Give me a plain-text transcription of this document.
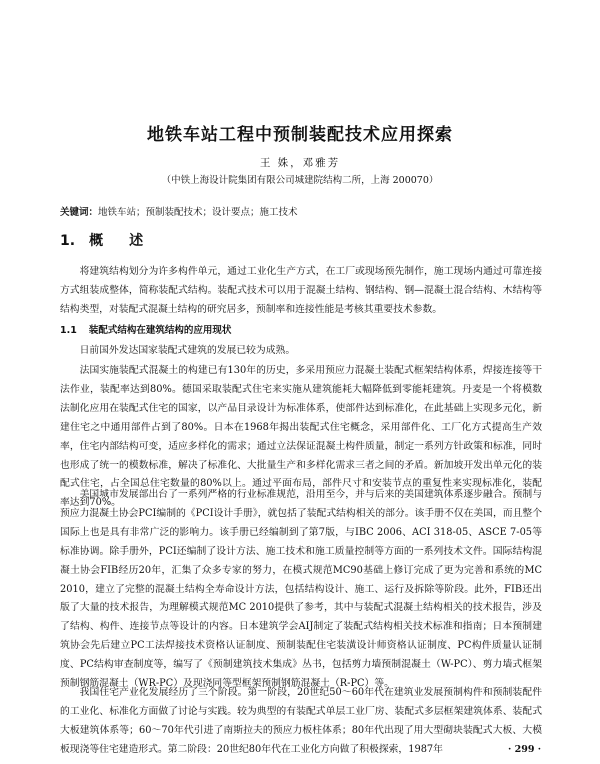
地铁车站工程中预制装配技术应用探索
王 姝，邓雅芳
（中铁上海设计院集团有限公司城建院结构二所，上海 200070）
关键词：地铁车站；预制装配技术；设计要点；施工技术
1. 概 述
将建筑结构划分为许多构件单元，通过工业化生产方式，在工厂或现场预先制作，施工现场内通过可靠连接方式组装成整体，简称装配式结构。装配式技术可以用于混凝土结构、钢结构、钢—混凝土混合结构、木结构等结构类型，对装配式混凝土结构的研究居多，预制率和连接性能是考核其重要技术参数。
1.1 装配式结构在建筑结构的应用现状
日前国外发达国家装配式建筑的发展已较为成熟。
法国实施装配式混凝土的构建已有130年的历史，多采用预应力混凝土装配式框架结构体系，焊接连接等干法作业，装配率达到80%。德国采取装配式住宅来实施从建筑能耗大幅降低到零能耗建筑。丹麦是一个将模数法制化应用在装配式住宅的国家，以产品目录设计为标准体系，使部件达到标准化，在此基础上实现多元化，新建住宅之中通用部件占到了80%。日本在1968年揭出装配式住宅概念，采用部件化、工厂化方式提高生产效率，住宅内部结构可变，适应多样化的需求；通过立法保证混凝土构件质量，制定一系列方针政策和标准，同时也形成了统一的模数标准，解决了标准化、大批量生产和多样化需求三者之间的矛盾。新加坡开发出单元化的装配式住宅，占全国总住宅数量的80%以上。通过平面布局，部件尺寸和安装节点的重复性来实现标准化，装配率达到70%。
美国城市发展部出台了一系列严格的行业标准规范，沿用至今，并与后来的美国建筑体系逐步融合。预制与预应力混凝土协会PCI编制的《PCI设计手册》，就包括了装配式结构相关的部分。该手册不仅在美国，而且整个国际上也是具有非常广泛的影响力。该手册已经编制到了第7版，与IBC 2006、ACI 318-05、ASCE 7-05等标准协调。除手册外，PCI还编制了设计方法、施工技术和施工质量控制等方面的一系列技术文件。国际结构混凝土协会FIB经历20年，汇集了众多专家的努力，在模式规范MC90基础上修订完成了更为完善和系统的MC 2010，建立了完整的混凝土结构全寿命设计方法，包括结构设计、施工、运行及拆除等阶段。此外，FIB还出版了大量的技术报告，为理解模式规范MC 2010提供了参考，其中与装配式混凝土结构相关的技术报告，涉及了结构、构件、连接节点等设计的内容。日本建筑学会AIJ制定了装配式结构相关技术标准和指南；日本预制建筑协会先后建立PC工法焊接技术资格认证制度、预制装配住宅装潢设计师资格认证制度、PC构件质量认证制度、PC结构审查制度等，编写了《预制建筑技术集成》丛书，包括剪力墙预制混凝土（W-PC）、剪力墙式框架预制钢筋混凝土（WR-PC）及现浇同等型框架预制钢筋混凝土（R-PC）等。
我国住宅产业化发展经历了三个阶段。第一阶段，20世纪50～60年代在建筑业发展预制构件和预制装配件的工业化、标准化方面做了讨论与实践。较为典型的有装配式单层工业厂房、装配式多层框架建筑体系、装配式大板建筑体系等；60～70年代引进了南斯拉夫的预应力板柱体系；80年代出现了用大型砌块装配式大板、大模板现浇等住宅建造形式。第二阶段：20世纪80年代在工业化方向做了积极探索，1987年	· 299 ·
